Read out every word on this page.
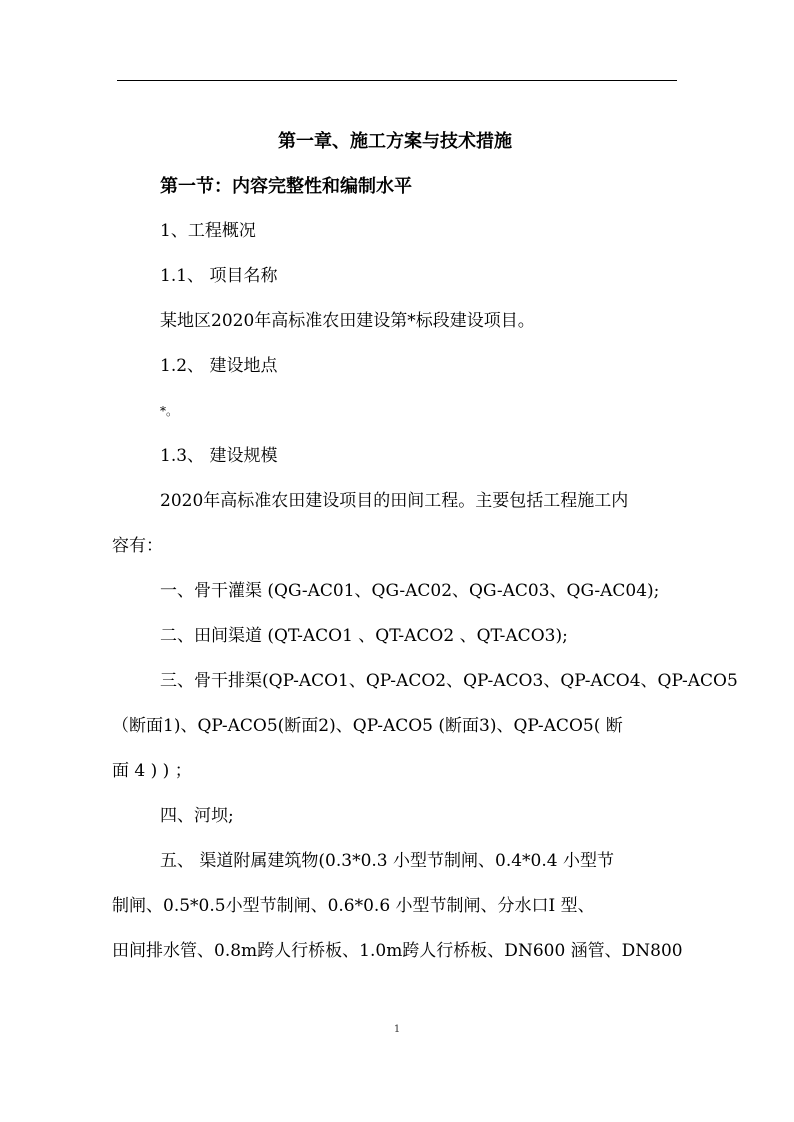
第一章、施工方案与技术措施
第一节：内容完整性和编制水平
1、工程概况
1.1、 项目名称
某地区2020年高标准农田建设第*标段建设项目。
1.2、 建设地点
*。
1.3、 建设规模
2020年高标准农田建设项目的田间工程。主要包括工程施工内
容有：
一、骨干灌渠 (QG-AC01、QG-AC02、QG-AC03、QG-AC04);
二、田间渠道 (QT-ACO1 、QT-ACO2 、QT-ACO3);
三、骨干排渠(QP-ACO1、QP-ACO2、QP-ACO3、QP-ACO4、QP-ACO5
（断面1)、QP-ACO5(断面2)、QP-ACO5 (断面3)、QP-ACO5( 断
面 4 ) ) ；
四、河坝;
五、 渠道附属建筑物(0.3*0.3 小型节制闸、0.4*0.4 小型节
制闸、0.5*0.5小型节制闸、0.6*0.6 小型节制闸、分水口I 型、
田间排水管、0.8m跨人行桥板、1.0m跨人行桥板、DN600 涵管、DN800
1
